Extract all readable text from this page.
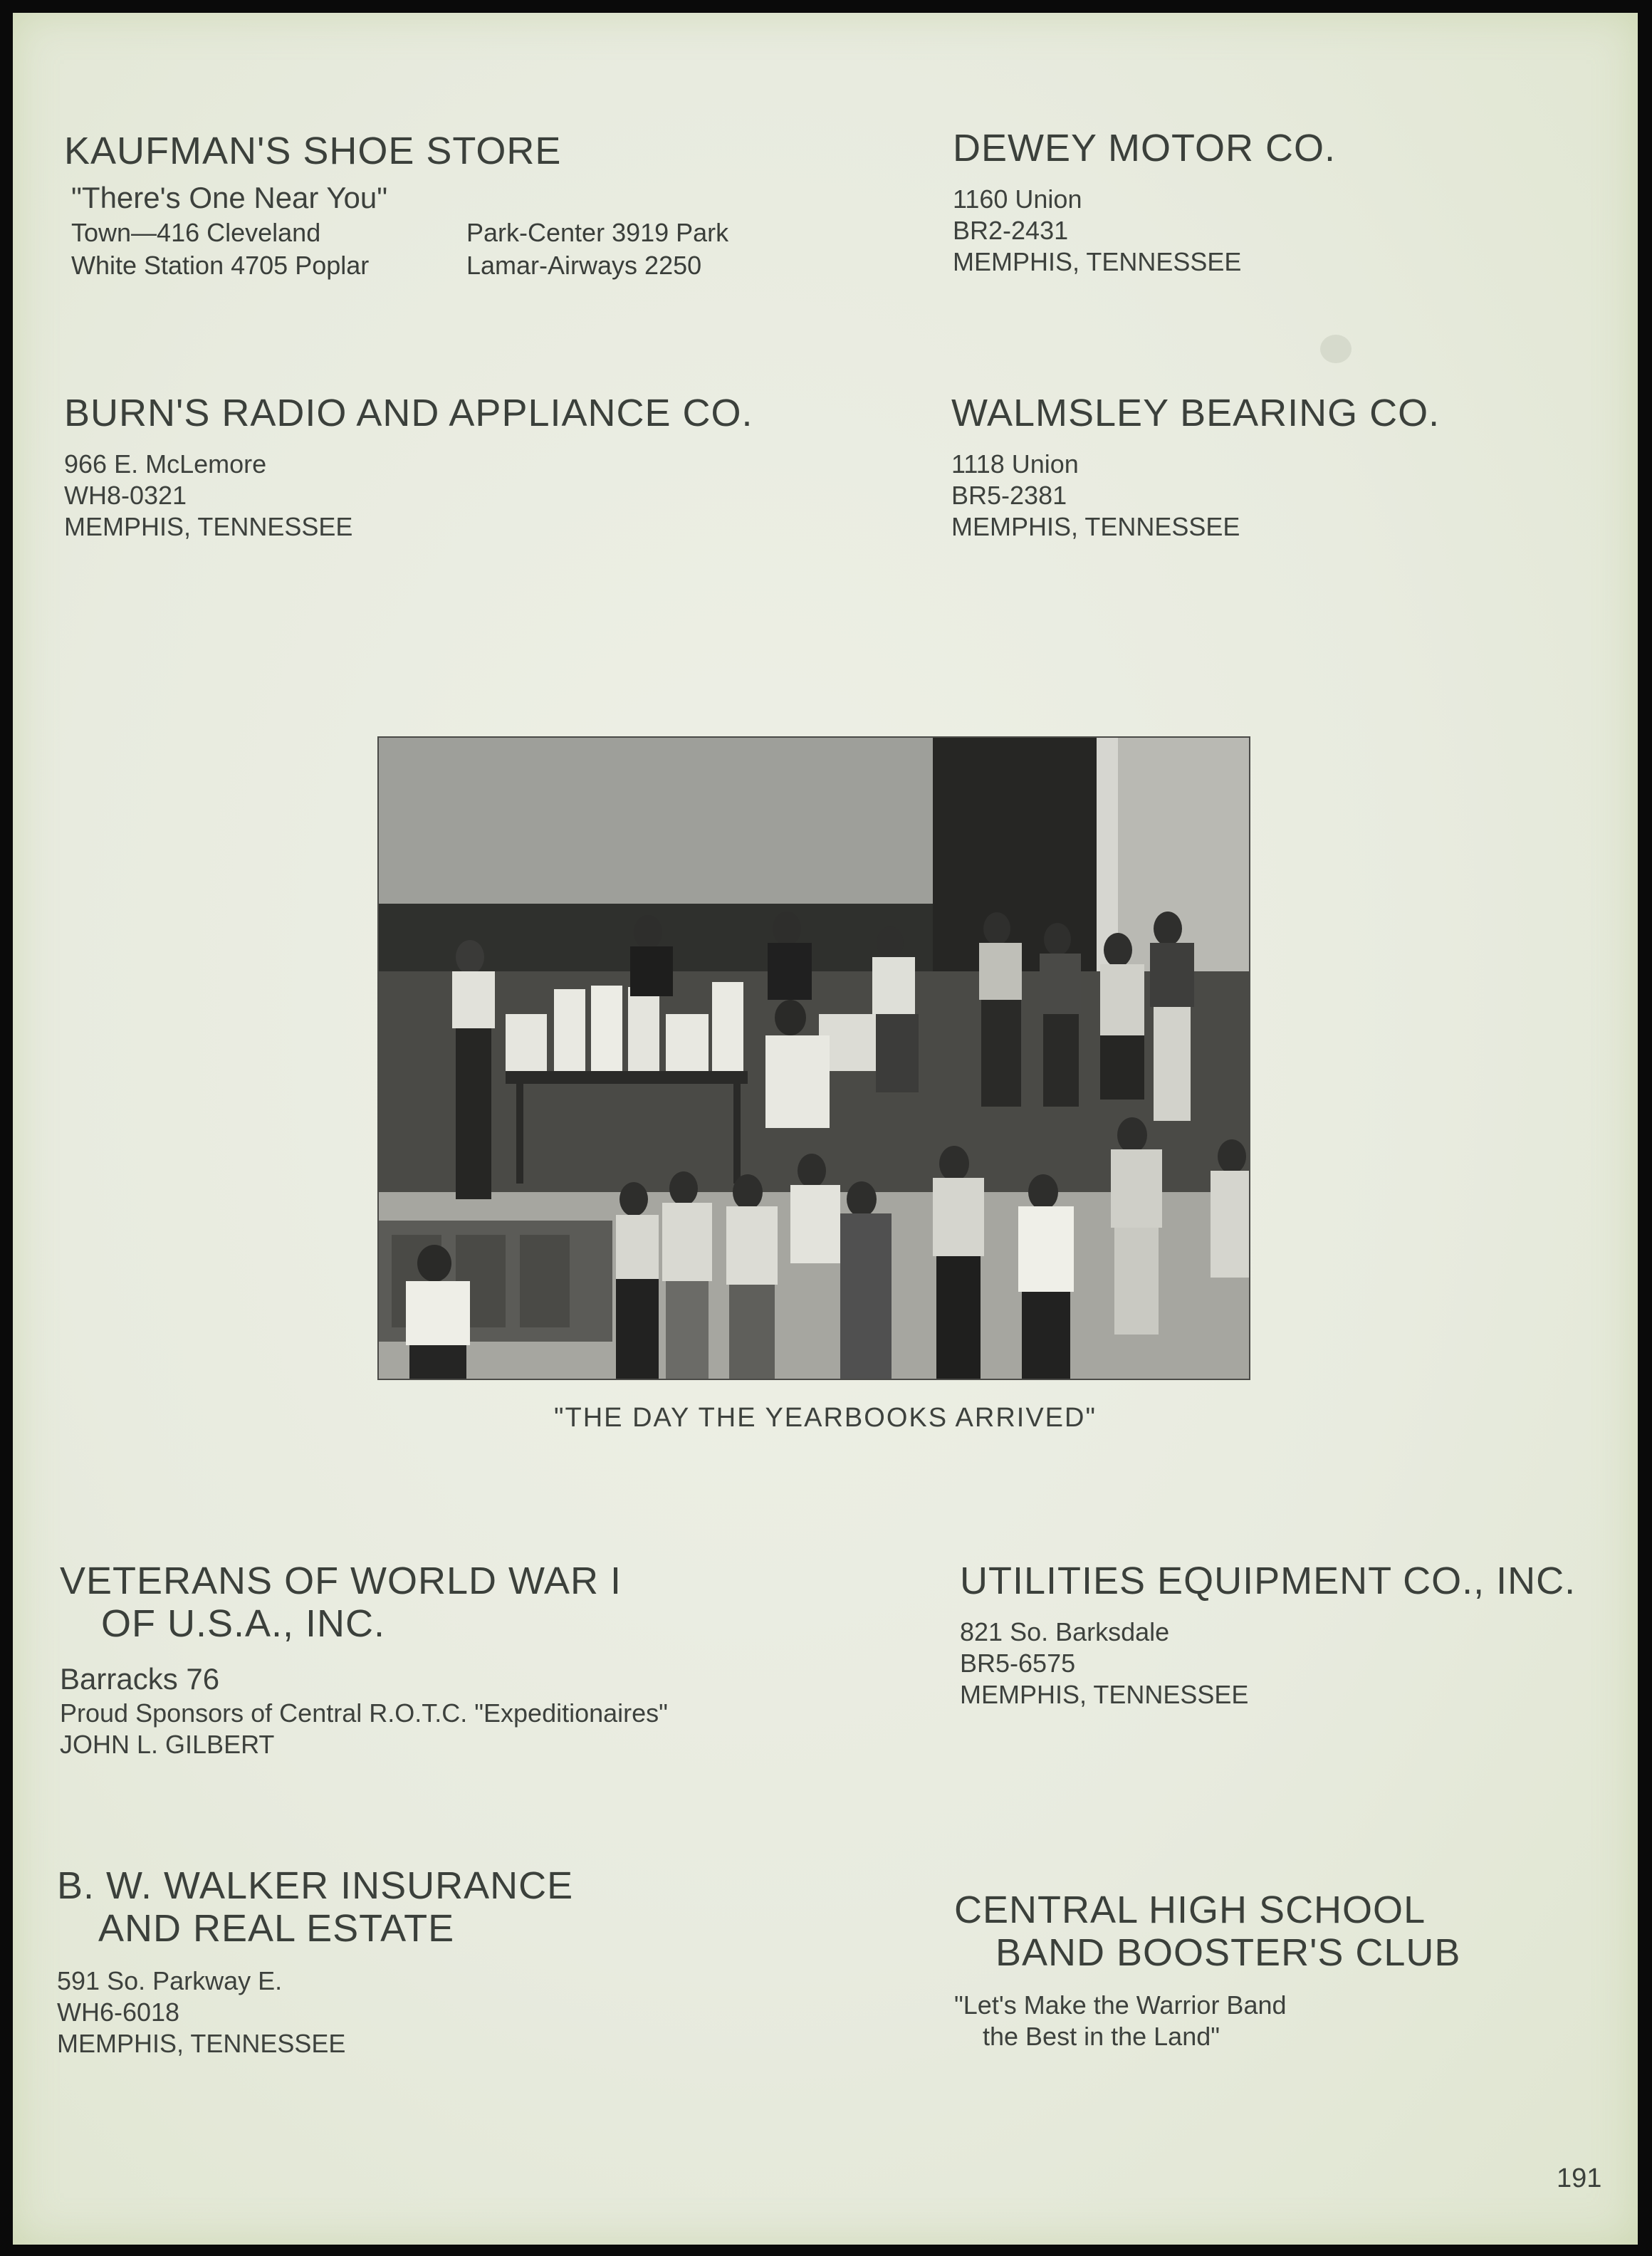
KAUFMAN'S SHOE STORE
"There's One Near You"
Town—416 Cleveland	Park-Center 3919 Park
White Station 4705 Poplar	Lamar-Airways 2250
DEWEY MOTOR CO.
1160 Union
BR2-2431
MEMPHIS, TENNESSEE
BURN'S RADIO AND APPLIANCE CO.
966 E. McLemore
WH8-0321
MEMPHIS, TENNESSEE
WALMSLEY BEARING CO.
1118 Union
BR5-2381
MEMPHIS, TENNESSEE
"THE DAY THE YEARBOOKS ARRIVED"
VETERANS OF WORLD WAR I
OF U.S.A., INC.
Barracks 76
Proud Sponsors of Central R.O.T.C. "Expeditionaires"
JOHN L. GILBERT
UTILITIES EQUIPMENT CO., INC.
821 So. Barksdale
BR5-6575
MEMPHIS, TENNESSEE
B. W. WALKER INSURANCE
AND REAL ESTATE
591 So. Parkway E.
WH6-6018
MEMPHIS, TENNESSEE
CENTRAL HIGH SCHOOL
BAND BOOSTER'S CLUB
"Let's Make the Warrior Band
the Best in the Land"
191
